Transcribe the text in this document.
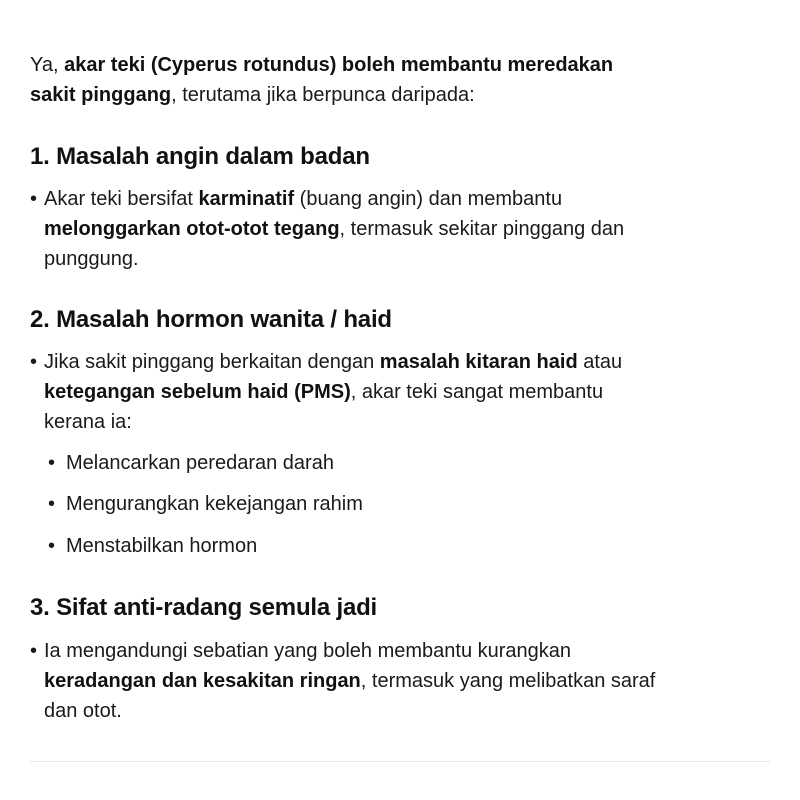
Ya, akar teki (Cyperus rotundus) boleh membantu meredakan
sakit pinggang, terutama jika berpunca daripada:

1. Masalah angin dalam badan

• Akar teki bersifat karminatif (buang angin) dan membantu
melonggarkan otot-otot tegang, termasuk sekitar pinggang dan
punggung.

2. Masalah hormon wanita / haid

• Jika sakit pinggang berkaitan dengan masalah kitaran haid atau
ketegangan sebelum haid (PMS), akar teki sangat membantu
kerana ia:

• Melancarkan peredaran darah

• Mengurangkan kekejangan rahim

• Menstabilkan hormon

3. Sifat anti-radang semula jadi

• Ia mengandungi sebatian yang boleh membantu kurangkan
keradangan dan kesakitan ringan, termasuk yang melibatkan saraf
dan otot.
